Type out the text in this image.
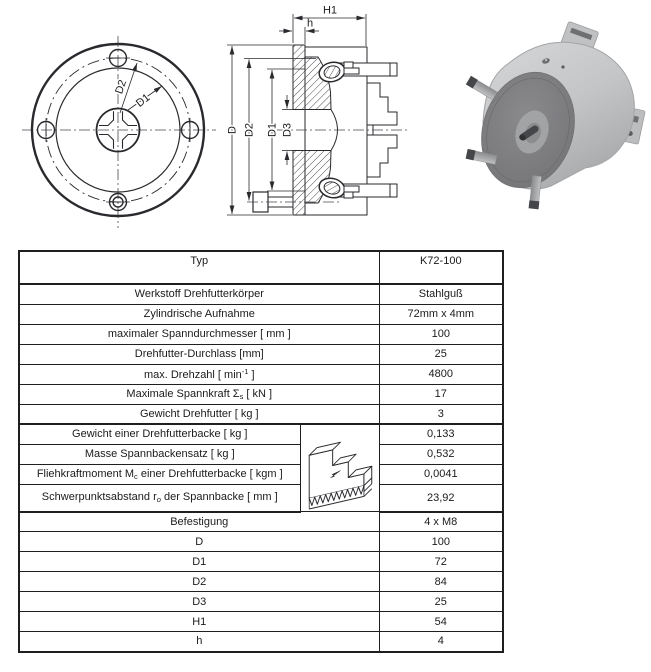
D2
D1
H1
h
D D2 D1 D3
Typ		K72-100
Werkstoff Drehfutterkörper		Stahlguß
Zylindrische Aufnahme		72mm x 4mm
maximaler Spanndurchmesser [ mm ]		100
Drehfutter-Durchlass [mm]		25
max. Drehzahl [ $\min^{-1}$ ]		4800
Maximale Spannkraft $\Sigma_s$ [ kN ]		17
Gewicht Drehfutter [ kg ]		3
Gewicht einer Drehfutterbacke [ kg ]		0,133
Masse Spannbackensatz [ kg ]		0,532
Fliehkraftmoment $M_c$ einer Drehfutterbacke [ kgm ]		0,0041
Schwerpunktsabstand $r_o$ der Spannbacke [ mm ]		23,92
Befestigung		4 x M8
D		100
D1		72
D2		84
D3		25
H1		54
h		4
